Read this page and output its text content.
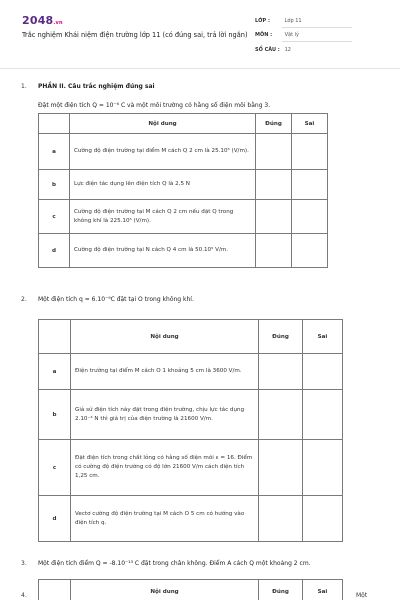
2048.vn
Trắc nghiệm Khái niệm điện trường lớp 11 (có đúng sai, trả lời ngắn)
LỚP :	Lớp 11
MÔN : Vật lý
SỐ CÂU : 12
1. PHẦN II. Câu trắc nghiệm đúng sai
Đặt một điện tích Q = 10⁻⁶ C và một môi trường có hằng số điện môi bằng 3.
	Nội dung	Đúng	Sai
a	Cường độ điện trường tại điểm M cách Q 2 cm là 25.10⁵ (V/m).		
b	Lực điện tác dụng lên điện tích Q là 2,5 N		
c	Cường độ điện trường tại M cách Q 2 cm nếu đặt Q trong không khí là 225.10⁵ (V/m).		
d	Cường độ điện trường tại N cách Q 4 cm là 50.10⁵ V/m.		
2. Một điện tích q = 6.10⁻⁹C đặt tại O trong không khí.
	Nội dung	Đúng	Sai
a	Điện trường tại điểm M cách O 1 khoảng 5 cm là 3600 V/m.		
b	Giả sử điện tích này đặt trong điện trường, chịu lực tác dụng 2.10⁻⁴ N thì giá trị của điện trường là 21600 V/m.		
c	Đặt điện tích trong chất lỏng có hằng số điện môi ε = 16. Điểm có cường độ điện trường có độ lớn 21600 V/m cách điện tích 1,25 cm.		
d	Vectơ cường độ điện trường tại M cách O 5 cm có hướng vào điện tích q.		
3. Một điện tích điểm Q = -8.10⁻¹³ C đặt trong chân không. Điểm A cách Q một khoảng 2 cm.
4.
	Nội dung	Đúng	Sai
Một
